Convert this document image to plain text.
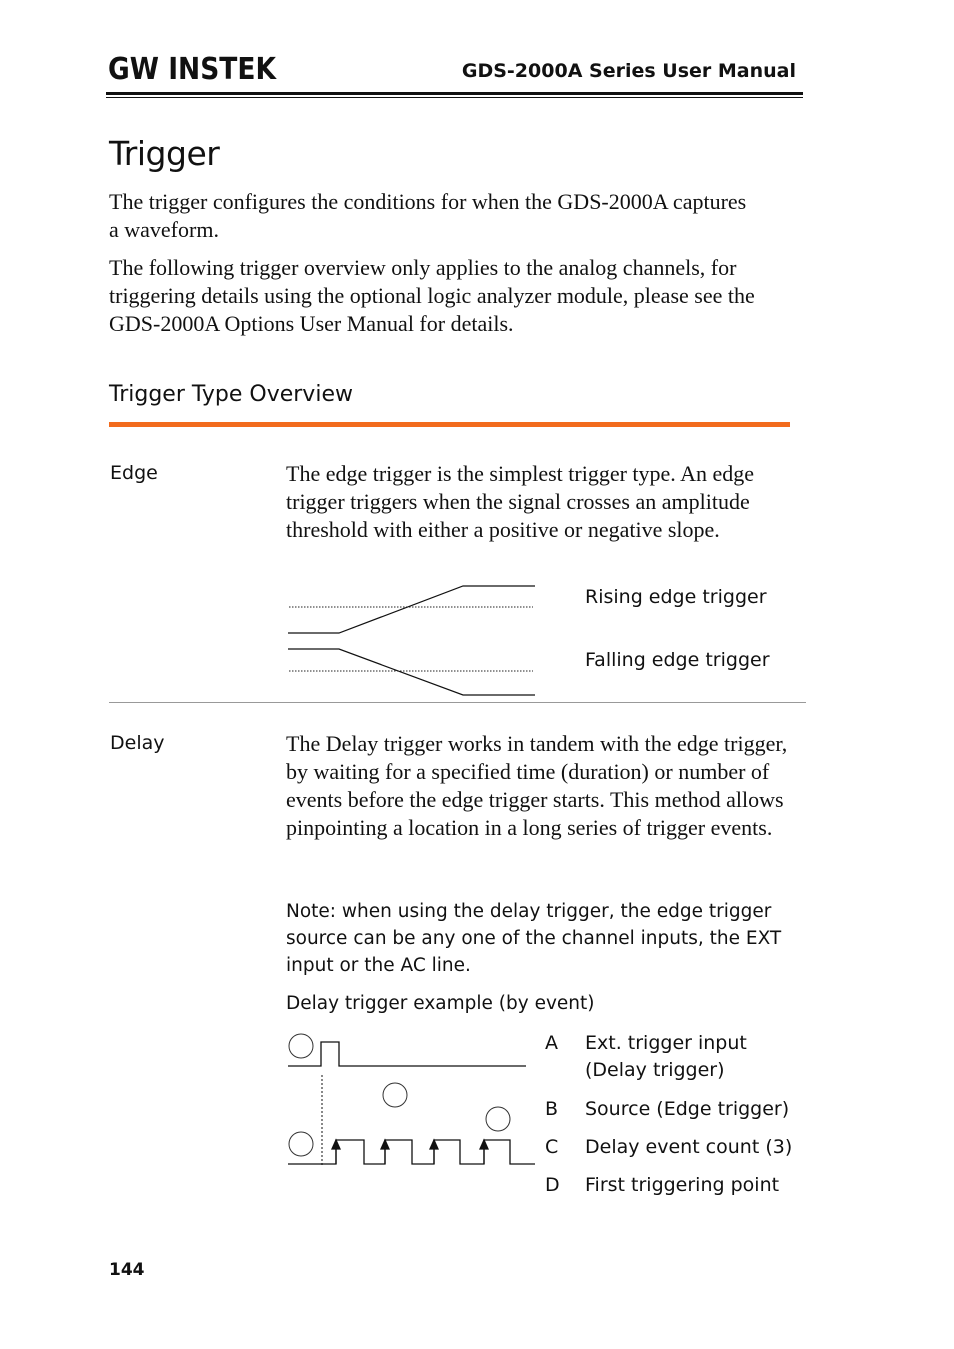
GW INSTEK	GDS-2000A Series User Manual
Trigger

The trigger configures the conditions for when the GDS-2000A captures a waveform.

The following trigger overview only applies to the analog channels, for triggering details using the optional logic analyzer module, please see the GDS-2000A Options User Manual for details.

Trigger Type Overview
Edge	The edge trigger is the simplest trigger type. An edge trigger triggers when the signal crosses an amplitude threshold with either a positive or negative slope.

Rising edge trigger
Falling edge trigger
Delay	The Delay trigger works in tandem with the edge trigger, by waiting for a specified time (duration) or number of events before the edge trigger starts. This method allows pinpointing a location in a long series of trigger events.

Note: when using the delay trigger, the edge trigger source can be any one of the channel inputs, the EXT input or the AC line.

Delay trigger example (by event)
A Ext. trigger input (Delay trigger)
B Source (Edge trigger)
C Delay event count (3)
D First triggering point
144
